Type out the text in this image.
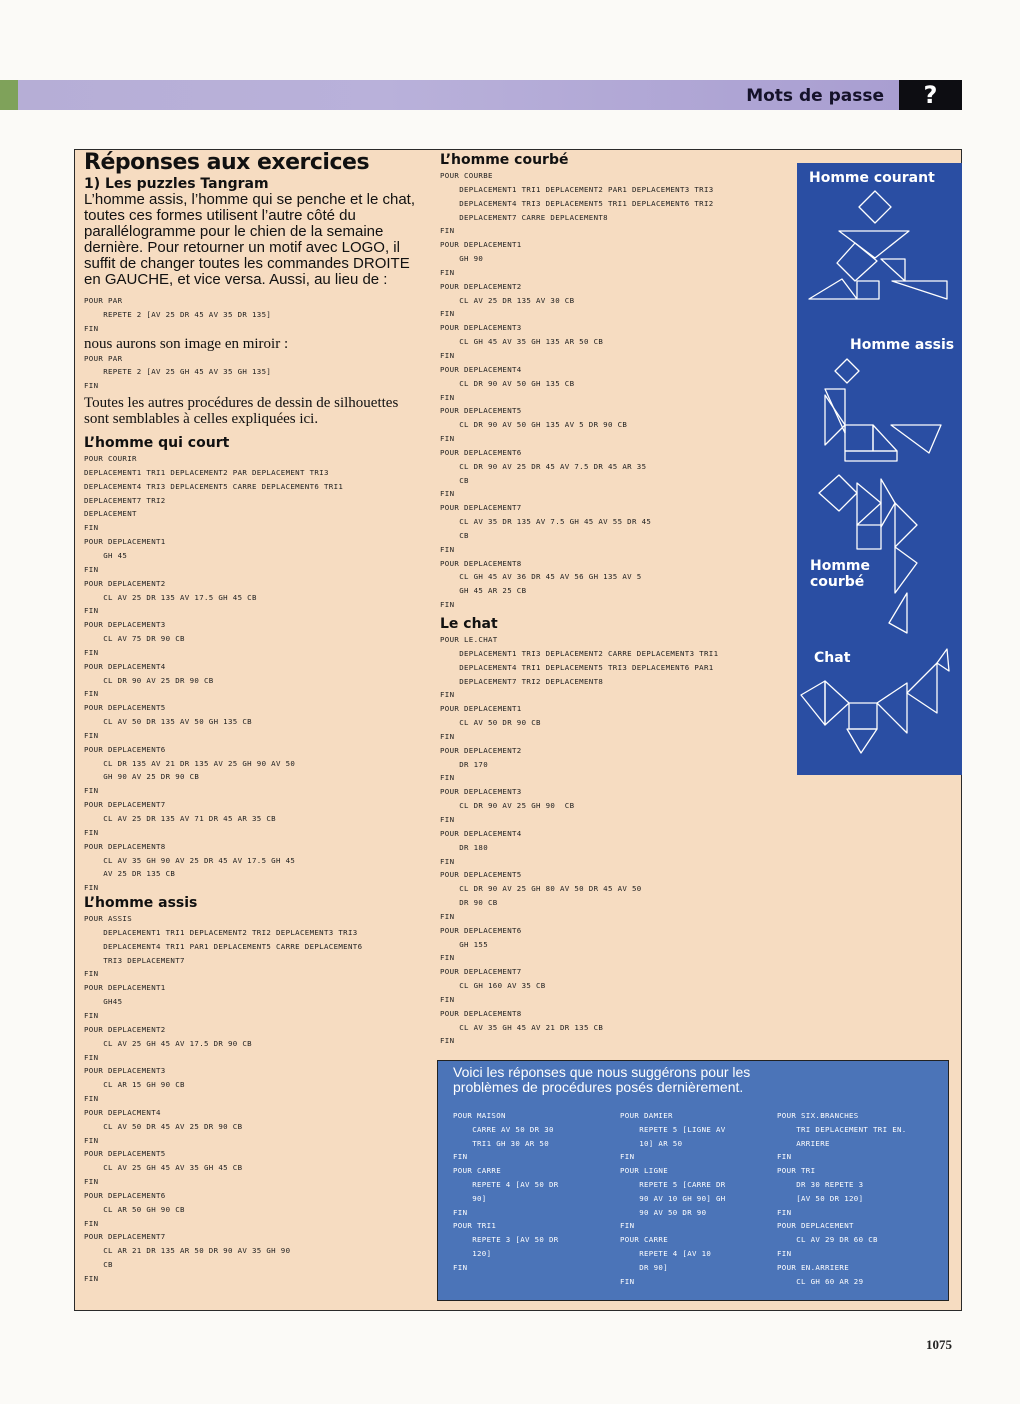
Mots de passe	?
Réponses aux exercices
1) Les puzzles Tangram

L’homme assis, l’homme qui se penche et le chat, toutes ces formes utilisent l’autre côté du parallélogramme pour le chien de la semaine dernière. Pour retourner un motif avec LOGO, il suffit de changer toutes les commandes DROITE en GAUCHE, et vice versa. Aussi, au lieu de :

POUR PAR
REPETE 2 [AV 25 DR 45 AV 35 DR 135]
FIN

nous aurons son image en miroir :

POUR PAR
REPETE 2 [AV 25 GH 45 AV 35 GH 135]
FIN

Toutes les autres procédures de dessin de silhouettes sont semblables à celles expliquées ici.

L’homme qui court
POUR COURIR
DEPLACEMENT1 TRI1 DEPLACEMENT2 PAR DEPLACEMENT TRI3
DEPLACEMENT4 TRI3 DEPLACEMENT5 CARRE DEPLACEMENT6 TRI1
DEPLACEMENT7 TRI2
DEPLACEMENT
FIN
POUR DEPLACEMENT1
GH 45
FIN
POUR DEPLACEMENT2
CL AV 25 DR 135 AV 17.5 GH 45 CB
FIN
POUR DEPLACEMENT3
CL AV 75 DR 90 CB
FIN
POUR DEPLACEMENT4
CL DR 90 AV 25 DR 90 CB
FIN
POUR DEPLACEMENT5
CL AV 50 DR 135 AV 50 GH 135 CB
FIN
POUR DEPLACEMENT6
CL DR 135 AV 21 DR 135 AV 25 GH 90 AV 50
GH 90 AV 25 DR 90 CB
FIN
POUR DEPLACEMENT7
CL AV 25 DR 135 AV 71 DR 45 AR 35 CB
FIN
POUR DEPLACEMENT8
CL AV 35 GH 90 AV 25 DR 45 AV 17.5 GH 45
AV 25 DR 135 CB
FIN
L’homme assis
POUR ASSIS
DEPLACEMENT1 TRI1 DEPLACEMENT2 TRI2 DEPLACEMENT3 TRI3
DEPLACEMENT4 TRI1 PAR1 DEPLACEMENT5 CARRE DEPLACEMENT6
TRI3 DEPLACEMENT7
FIN
POUR DEPLACEMENT1
GH45
FIN
POUR DEPLACEMENT2
CL AV 25 GH 45 AV 17.5 DR 90 CB
FIN
POUR DEPLACEMENT3
CL AR 15 GH 90 CB
FIN
POUR DEPLACMENT4
CL AV 50 DR 45 AV 25 DR 90 CB
FIN
POUR DEPLACEMENT5
CL AV 25 GH 45 AV 35 GH 45 CB
FIN
POUR DEPLACEMENT6
CL AR 50 GH 90 CB
FIN
POUR DEPLACEMENT7
CL AR 21 DR 135 AR 50 DR 90 AV 35 GH 90
CB
FIN
L’homme courbé
POUR COURBE
DEPLACEMENT1 TRI1 DEPLACEMENT2 PAR1 DEPLACEMENT3 TRI3
DEPLACEMENT4 TRI3 DEPLACEMENT5 TRI1 DEPLACEMENT6 TRI2
DEPLACEMENT7 CARRE DEPLACEMENT8
FIN
POUR DEPLACEMENT1
GH 90
FIN
POUR DEPLACEMENT2
CL AV 25 DR 135 AV 30 CB
FIN
POUR DEPLACEMENT3
CL GH 45 AV 35 GH 135 AR 50 CB
FIN
POUR DEPLACEMENT4
CL DR 90 AV 50 GH 135 CB
FIN
POUR DEPLACEMENT5
CL DR 90 AV 50 GH 135 AV 5 DR 90 CB
FIN
POUR DEPLACEMENT6
CL DR 90 AV 25 DR 45 AV 7.5 DR 45 AR 35
CB
FIN
POUR DEPLACEMENT7
CL AV 35 DR 135 AV 7.5 GH 45 AV 55 DR 45
CB
FIN
POUR DEPLACEMENT8
CL GH 45 AV 36 DR 45 AV 56 GH 135 AV 5
GH 45 AR 25 CB
FIN
Le chat
POUR LE.CHAT
DEPLACEMENT1 TRI3 DEPLACEMENT2 CARRE DEPLACEMENT3 TRI1
DEPLACEMENT4 TRI1 DEPLACEMENT5 TRI3 DEPLACEMENT6 PAR1
DEPLACEMENT7 TRI2 DEPLACEMENT8
FIN
POUR DEPLACEMENT1
CL AV 50 DR 90 CB
FIN
POUR DEPLACEMENT2
DR 170
FIN
POUR DEPLACEMENT3
CL DR 90 AV 25 GH 90  CB
FIN
POUR DEPLACEMENT4
DR 180
FIN
POUR DEPLACEMENT5
CL DR 90 AV 25 GH 80 AV 50 DR 45 AV 50
DR 90 CB
FIN
POUR DEPLACEMENT6
GH 155
FIN
POUR DEPLACEMENT7
CL GH 160 AV 35 CB
FIN
POUR DEPLACEMENT8
CL AV 35 GH 45 AV 21 DR 135 CB
FIN
Homme courant
Homme assis
Homme
courbé
Chat
Voici les réponses que nous suggérons pour les problèmes de procédures posés dernièrement.
POUR MAISON
CARRE AV 50 DR 30
TRI1 GH 30 AR 50
FIN
POUR CARRE
REPETE 4 [AV 50 DR
90]
FIN
POUR TRI1
REPETE 3 [AV 50 DR
120]
FIN
POUR DAMIER
REPETE 5 [LIGNE AV
10] AR 50
FIN
POUR LIGNE
REPETE 5 [CARRE DR
90 AV 10 GH 90] GH
90 AV 50 DR 90
FIN
POUR CARRE
REPETE 4 [AV 10
DR 90]
FIN
POUR SIX.BRANCHES
TRI DEPLACEMENT TRI EN.
ARRIERE
FIN
POUR TRI
DR 30 REPETE 3
[AV 50 DR 120]
FIN
POUR DEPLACEMENT
CL AV 29 DR 60 CB
FIN
POUR EN.ARRIERE
CL GH 60 AR 29
1075
